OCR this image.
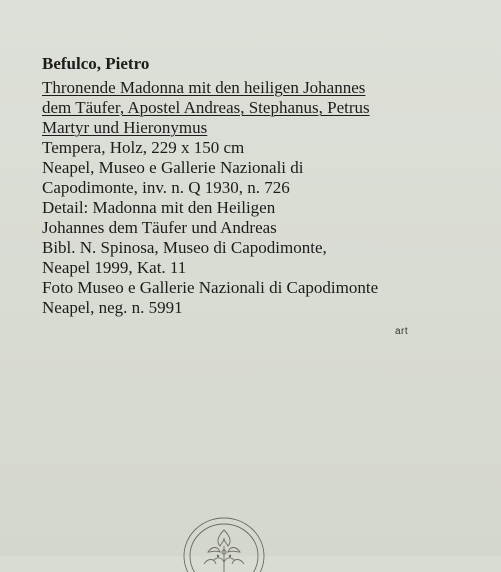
Befulco, Pietro
Thronende Madonna mit den heiligen Johannes
dem Täufer, Apostel Andreas, Stephanus, Petrus
Martyr und Hieronymus
Tempera, Holz, 229 x 150 cm
Neapel, Museo e Gallerie Nazionali di
Capodimonte, inv. n. Q 1930, n. 726
Detail: Madonna mit den Heiligen
Johannes dem Täufer und Andreas
Bibl. N. Spinosa, Museo di Capodimonte,
Neapel 1999, Kat. 11
Foto Museo e Gallerie Nazionali di Capodimonte
Neapel, neg. n. 5991
art
